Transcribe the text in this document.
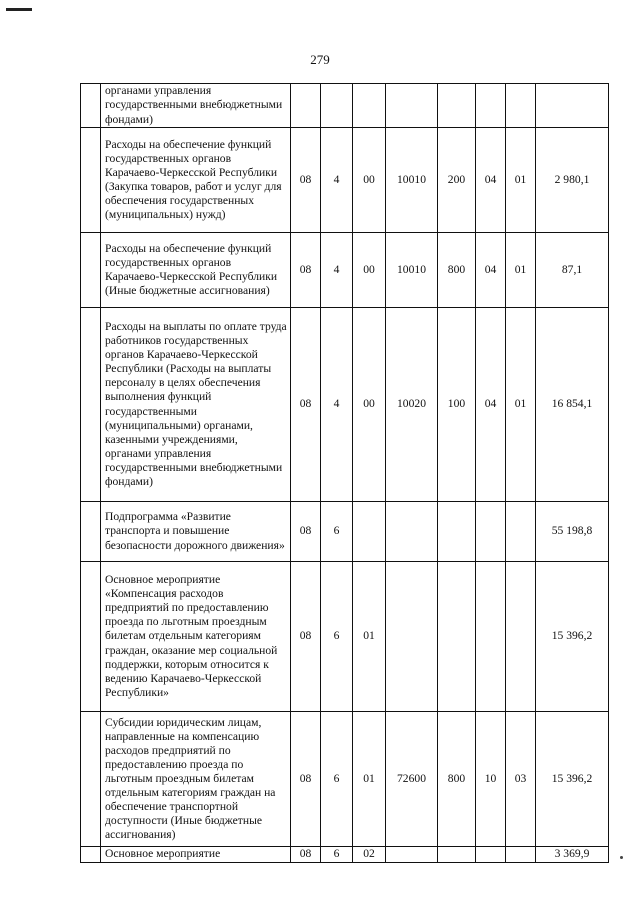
279
	органами управления государственными внебюджетными фондами)								
	Расходы на обеспечение функций государственных органов Карачаево-Черкесской Республики (Закупка товаров, работ и услуг для обеспечения государственных (муниципальных) нужд)	08	4	00	10010	200	04	01	2 980,1
	Расходы на обеспечение функций государственных органов Карачаево-Черкесской Республики (Иные бюджетные ассигнования)	08	4	00	10010	800	04	01	87,1
	Расходы на выплаты по оплате труда работников государственных органов Карачаево-Черкесской Республики (Расходы на выплаты персоналу в целях обеспечения выполнения функций государственными (муниципальными) органами, казенными учреждениями, органами управления государственными внебюджетными фондами)	08	4	00	10020	100	04	01	16 854,1
	Подпрограмма «Развитие транспорта и повышение безопасности дорожного движения»	08	6						55 198,8
	Основное мероприятие «Компенсация расходов предприятий по предоставлению проезда по льготным проездным билетам отдельным категориям граждан, оказание мер социальной поддержки, которым относится к ведению Карачаево-Черкесской Республики»	08	6	01					15 396,2
	Субсидии юридическим лицам, направленные на компенсацию расходов предприятий по предоставлению проезда по льготным проездным билетам отдельным категориям граждан на обеспечение транспортной доступности (Иные бюджетные ассигнования)	08	6	01	72600	800	10	03	15 396,2
	Основное мероприятие	08	6	02					3 369,9
